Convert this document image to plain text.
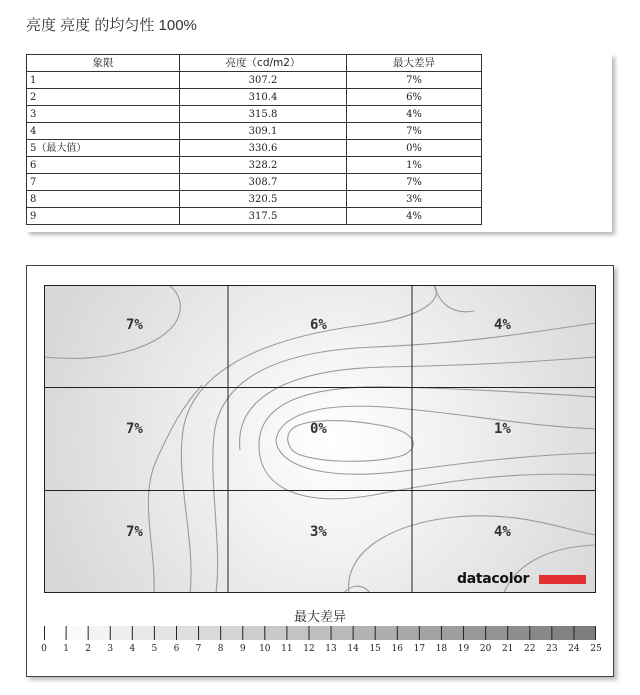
亮度 亮度 的均匀性 100%
象限	亮度（cd/m2）	最大差异
1	307.2	7%
2	310.4	6%
3	315.8	4%
4	309.1	7%
5（最大值）	330.6	0%
6	328.2	1%
7	308.7	7%
8	320.5	3%
9	317.5	4%
7%	6%	4%
7%	0%	1%
7%	3%	4%
datacolor
最大差异
0	1	2	3	4	5	6	7	8	9	10	11	12	13	14	15	16	17	18	19	20	21	22	23	24	25
